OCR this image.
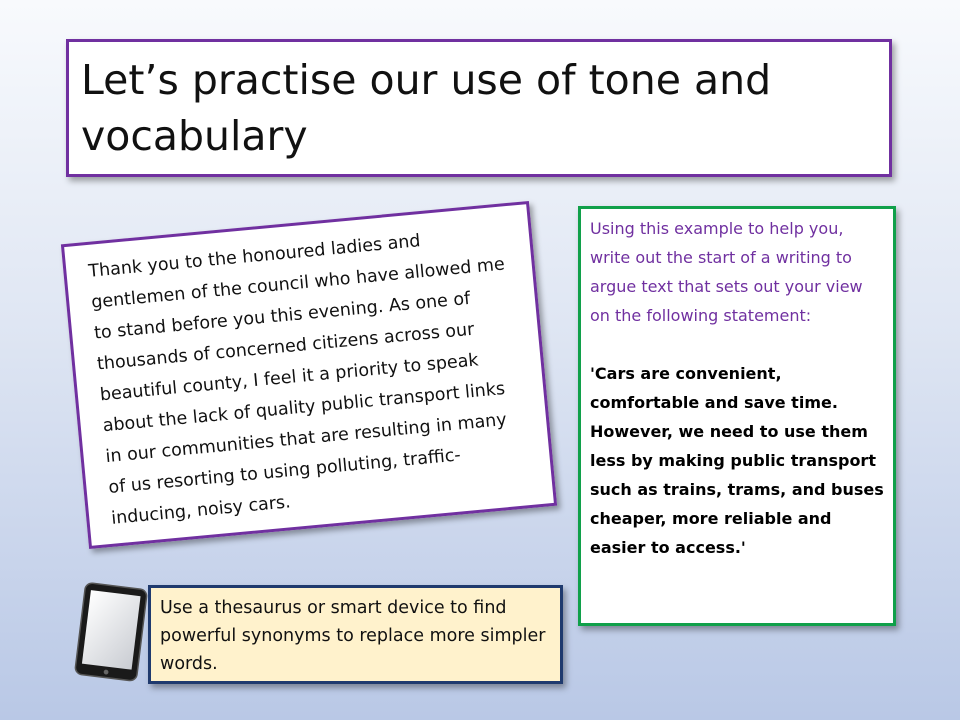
Let’s practise our use of tone and vocabulary

Thank you to the honoured ladies and gentlemen of the council who have allowed me to stand before you this evening. As one of thousands of concerned citizens across our beautiful county, I feel it a priority to speak about the lack of quality public transport links in our communities that are resulting in many of us resorting to using polluting, traffic-inducing, noisy cars.

Using this example to help you, write out the start of a writing to argue text that sets out your view on the following statement:

'Cars are convenient, comfortable and save time. However, we need to use them less by making public transport such as trains, trams, and buses cheaper, more reliable and easier to access.'

Use a thesaurus or smart device to find powerful synonyms to replace more simpler words.
